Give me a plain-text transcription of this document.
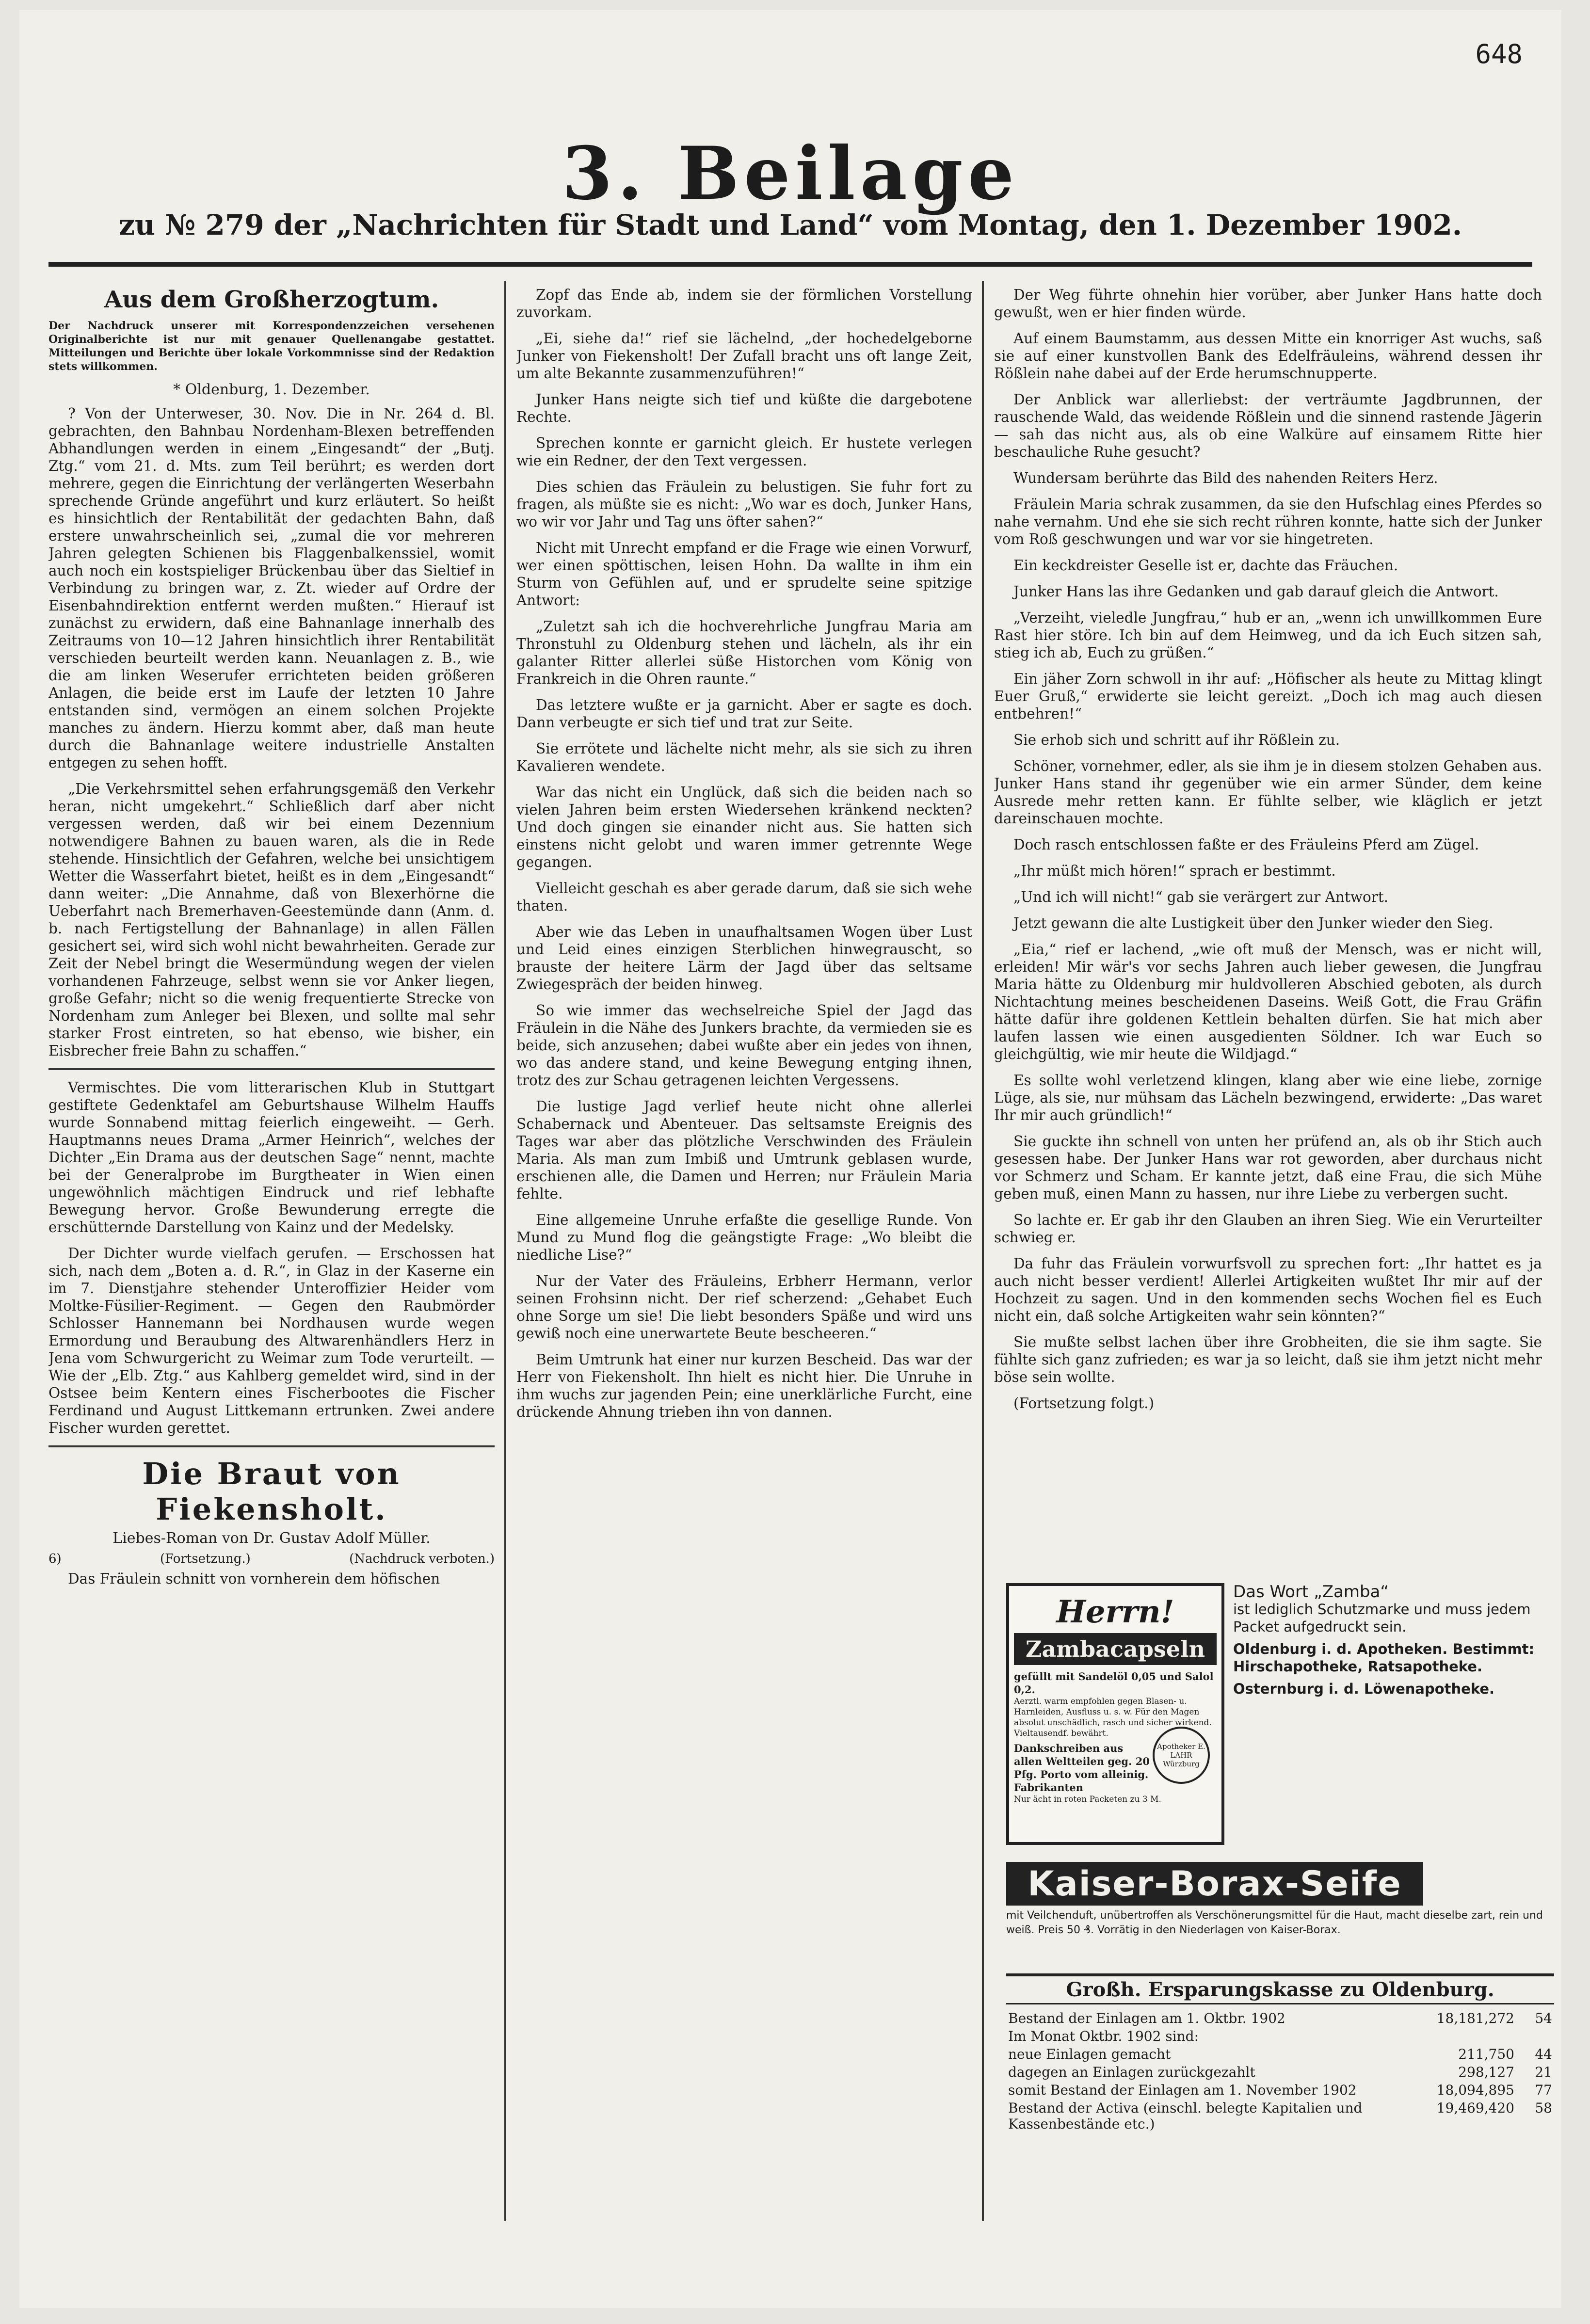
648
3. Beilage
zu № 279 der „Nachrichten für Stadt und Land“ vom Montag, den 1. Dezember 1902.
Aus dem Großherzogtum.
Der Nachdruck unserer mit Korrespondenzzeichen versehenen Originalberichte ist nur mit genauer Quellenangabe gestattet. Mitteilungen und Berichte über lokale Vorkommnisse sind der Redaktion stets willkommen.
* Oldenburg, 1. Dezember.

? Von der Unterweser, 30. Nov. Die in Nr. 264 d. Bl. gebrachten, den Bahnbau Nordenham-Blexen betreffenden Abhandlungen werden in einem „Eingesandt“ der „Butj. Ztg.“ vom 21. d. Mts. zum Teil berührt; es werden dort mehrere, gegen die Einrichtung der verlängerten Weserbahn sprechende Gründe angeführt und kurz erläutert. So heißt es hinsichtlich der Rentabilität der gedachten Bahn, daß erstere unwahrscheinlich sei, „zumal die vor mehreren Jahren gelegten Schienen bis Flaggenbalkenssiel, womit auch noch ein kostspieliger Brückenbau über das Sieltief in Verbindung zu bringen war, z. Zt. wieder auf Ordre der Eisenbahndirektion entfernt werden mußten.“ Hierauf ist zunächst zu erwidern, daß eine Bahnanlage innerhalb des Zeitraums von 10—12 Jahren hinsichtlich ihrer Rentabilität verschieden beurteilt werden kann. Neuanlagen z. B., wie die am linken Weserufer errichteten beiden größeren Anlagen, die beide erst im Laufe der letzten 10 Jahre entstanden sind, vermögen an einem solchen Projekte manches zu ändern. Hierzu kommt aber, daß man heute durch die Bahnanlage weitere industrielle Anstalten entgegen zu sehen hofft.

„Die Verkehrsmittel sehen erfahrungsgemäß den Verkehr heran, nicht umgekehrt.“ Schließlich darf aber nicht vergessen werden, daß wir bei einem Dezennium notwendigere Bahnen zu bauen waren, als die in Rede stehende. Hinsichtlich der Gefahren, welche bei unsichtigem Wetter die Wasserfahrt bietet, heißt es in dem „Eingesandt“ dann weiter: „Die Annahme, daß von Blexerhörne die Ueberfahrt nach Bremerhaven-Geestemünde dann (Anm. d. b. nach Fertigstellung der Bahnanlage) in allen Fällen gesichert sei, wird sich wohl nicht bewahrheiten. Gerade zur Zeit der Nebel bringt die Wesermündung wegen der vielen vorhandenen Fahrzeuge, selbst wenn sie vor Anker liegen, große Gefahr; nicht so die wenig frequentierte Strecke von Nordenham zum Anleger bei Blexen, und sollte mal sehr starker Frost eintreten, so hat ebenso, wie bisher, ein Eisbrecher freie Bahn zu schaffen.“

Vermischtes. Die vom litterarischen Klub in Stuttgart gestiftete Gedenktafel am Geburtshause Wilhelm Hauffs wurde Sonnabend mittag feierlich eingeweiht. — Gerh. Hauptmanns neues Drama „Armer Heinrich“, welches der Dichter „Ein Drama aus der deutschen Sage“ nennt, machte bei der Generalprobe im Burgtheater in Wien einen ungewöhnlich mächtigen Eindruck und rief lebhafte Bewegung hervor. Große Bewunderung erregte die erschütternde Darstellung von Kainz und der Medelsky.

Der Dichter wurde vielfach gerufen. — Erschossen hat sich, nach dem „Boten a. d. R.“, in Glaz in der Kaserne ein im 7. Dienstjahre stehender Unteroffizier Heider vom Moltke-Füsilier-Regiment. — Gegen den Raubmörder Schlosser Hannemann bei Nordhausen wurde wegen Ermordung und Beraubung des Altwarenhändlers Herz in Jena vom Schwurgericht zu Weimar zum Tode verurteilt. — Wie der „Elb. Ztg.“ aus Kahlberg gemeldet wird, sind in der Ostsee beim Kentern eines Fischerbootes die Fischer Ferdinand und August Littkemann ertrunken. Zwei andere Fischer wurden gerettet.

Die Braut von Fiekensholt.
Liebes-Roman von Dr. Gustav Adolf Müller.
6)	(Fortsetzung.)	(Nachdruck verboten.)

Das Fräulein schnitt von vornherein dem höfischen

Zopf das Ende ab, indem sie der förmlichen Vorstellung zuvorkam.

„Ei, siehe da!“ rief sie lächelnd, „der hochedelgeborne Junker von Fiekensholt! Der Zufall bracht uns oft lange Zeit, um alte Bekannte zusammenzuführen!“

Junker Hans neigte sich tief und küßte die dargebotene Rechte.

Sprechen konnte er garnicht gleich. Er hustete verlegen wie ein Redner, der den Text vergessen.

Dies schien das Fräulein zu belustigen. Sie fuhr fort zu fragen, als müßte sie es nicht: „Wo war es doch, Junker Hans, wo wir vor Jahr und Tag uns öfter sahen?“

Nicht mit Unrecht empfand er die Frage wie einen Vorwurf, wer einen spöttischen, leisen Hohn. Da wallte in ihm ein Sturm von Gefühlen auf, und er sprudelte seine spitzige Antwort:

„Zuletzt sah ich die hochverehrliche Jungfrau Maria am Thronstuhl zu Oldenburg stehen und lächeln, als ihr ein galanter Ritter allerlei süße Historchen vom König von Frankreich in die Ohren raunte.“

Das letztere wußte er ja garnicht. Aber er sagte es doch. Dann verbeugte er sich tief und trat zur Seite.

Sie errötete und lächelte nicht mehr, als sie sich zu ihren Kavalieren wendete.

War das nicht ein Unglück, daß sich die beiden nach so vielen Jahren beim ersten Wiedersehen kränkend neckten? Und doch gingen sie einander nicht aus. Sie hatten sich einstens nicht gelobt und waren immer getrennte Wege gegangen.

Vielleicht geschah es aber gerade darum, daß sie sich wehe thaten.

Aber wie das Leben in unaufhaltsamen Wogen über Lust und Leid eines einzigen Sterblichen hinwegrauscht, so brauste der heitere Lärm der Jagd über das seltsame Zwiegespräch der beiden hinweg.

So wie immer das wechselreiche Spiel der Jagd das Fräulein in die Nähe des Junkers brachte, da vermieden sie es beide, sich anzusehen; dabei wußte aber ein jedes von ihnen, wo das andere stand, und keine Bewegung entging ihnen, trotz des zur Schau getragenen leichten Vergessens.

Die lustige Jagd verlief heute nicht ohne allerlei Schabernack und Abenteuer. Das seltsamste Ereignis des Tages war aber das plötzliche Verschwinden des Fräulein Maria. Als man zum Imbiß und Umtrunk geblasen wurde, erschienen alle, die Damen und Herren; nur Fräulein Maria fehlte.

Eine allgemeine Unruhe erfaßte die gesellige Runde. Von Mund zu Mund flog die geängstigte Frage: „Wo bleibt die niedliche Lise?“

Nur der Vater des Fräuleins, Erbherr Hermann, verlor seinen Frohsinn nicht. Der rief scherzend: „Gehabet Euch ohne Sorge um sie! Die liebt besonders Späße und wird uns gewiß noch eine unerwartete Beute bescheeren.“

Beim Umtrunk hat einer nur kurzen Bescheid. Das war der Herr von Fiekensholt. Ihn hielt es nicht hier. Die Unruhe in ihm wuchs zur jagenden Pein; eine unerklärliche Furcht, eine drückende Ahnung trieben ihn von dannen.

Der Weg führte ohnehin hier vorüber, aber Junker Hans hatte doch gewußt, wen er hier finden würde.

Auf einem Baumstamm, aus dessen Mitte ein knorriger Ast wuchs, saß sie auf einer kunstvollen Bank des Edelfräuleins, während dessen ihr Rößlein nahe dabei auf der Erde herumschnupperte.

Der Anblick war allerliebst: der verträumte Jagdbrunnen, der rauschende Wald, das weidende Rößlein und die sinnend rastende Jägerin — sah das nicht aus, als ob eine Walküre auf einsamem Ritte hier beschauliche Ruhe gesucht?

Wundersam berührte das Bild des nahenden Reiters Herz.

Fräulein Maria schrak zusammen, da sie den Hufschlag eines Pferdes so nahe vernahm. Und ehe sie sich recht rühren konnte, hatte sich der Junker vom Roß geschwungen und war vor sie hingetreten.

Ein keckdreister Geselle ist er, dachte das Fräuchen.

Junker Hans las ihre Gedanken und gab darauf gleich die Antwort.

„Verzeiht, vieledle Jungfrau,“ hub er an, „wenn ich unwillkommen Eure Rast hier störe. Ich bin auf dem Heimweg, und da ich Euch sitzen sah, stieg ich ab, Euch zu grüßen.“

Ein jäher Zorn schwoll in ihr auf: „Höfischer als heute zu Mittag klingt Euer Gruß,“ erwiderte sie leicht gereizt. „Doch ich mag auch diesen entbehren!“

Sie erhob sich und schritt auf ihr Rößlein zu.

Schöner, vornehmer, edler, als sie ihm je in diesem stolzen Gehaben aus. Junker Hans stand ihr gegenüber wie ein armer Sünder, dem keine Ausrede mehr retten kann. Er fühlte selber, wie kläglich er jetzt dareinschauen mochte.

Doch rasch entschlossen faßte er des Fräuleins Pferd am Zügel.

„Ihr müßt mich hören!“ sprach er bestimmt.

„Und ich will nicht!“ gab sie verärgert zur Antwort.

Jetzt gewann die alte Lustigkeit über den Junker wieder den Sieg.

„Eia,“ rief er lachend, „wie oft muß der Mensch, was er nicht will, erleiden! Mir wär's vor sechs Jahren auch lieber gewesen, die Jungfrau Maria hätte zu Oldenburg mir huldvolleren Abschied geboten, als durch Nichtachtung meines bescheidenen Daseins. Weiß Gott, die Frau Gräfin hätte dafür ihre goldenen Kettlein behalten dürfen. Sie hat mich aber laufen lassen wie einen ausgedienten Söldner. Ich war Euch so gleichgültig, wie mir heute die Wildjagd.“

Es sollte wohl verletzend klingen, klang aber wie eine liebe, zornige Lüge, als sie, nur mühsam das Lächeln bezwingend, erwiderte: „Das waret Ihr mir auch gründlich!“

Sie guckte ihn schnell von unten her prüfend an, als ob ihr Stich auch gesessen habe. Der Junker Hans war rot geworden, aber durchaus nicht vor Schmerz und Scham. Er kannte jetzt, daß eine Frau, die sich Mühe geben muß, einen Mann zu hassen, nur ihre Liebe zu verbergen sucht.

So lachte er. Er gab ihr den Glauben an ihren Sieg. Wie ein Verurteilter schwieg er.

Da fuhr das Fräulein vorwurfsvoll zu sprechen fort: „Ihr hattet es ja auch nicht besser verdient! Allerlei Artigkeiten wußtet Ihr mir auf der Hochzeit zu sagen. Und in den kommenden sechs Wochen fiel es Euch nicht ein, daß solche Artigkeiten wahr sein könnten?“

Sie mußte selbst lachen über ihre Grobheiten, die sie ihm sagte. Sie fühlte sich ganz zufrieden; es war ja so leicht, daß sie ihm jetzt nicht mehr böse sein wollte.

(Fortsetzung folgt.)

Herrn!
Zambacapseln
gefüllt mit Sandelöl 0,05 und Salol 0,2.
Aerztl. warm empfohlen gegen Blasen- u. Harnleiden, Ausfluss u. s. w. Für den Magen absolut unschädlich, rasch und sicher wirkend. Vieltausendf. bewährt.
Dankschreiben aus allen Weltteilen geg. 20 Pfg. Porto vom alleinig. Fabrikanten
Nur ächt in roten Packeten zu 3 M.
Apotheker E. LAHR Würzburg
Das Wort „Zamba“
ist lediglich Schutzmarke und muss jedem Packet aufgedruckt sein.
Oldenburg i. d. Apotheken. Bestimmt: Hirschapotheke, Ratsapotheke.
Osternburg i. d. Löwenapotheke.
Kaiser-Borax-Seife
mit Veilchenduft, unübertroffen als Verschönerungsmittel für die Haut, macht dieselbe zart, rein und weiß. Preis 50 ₰. Vorrätig in den Niederlagen von Kaiser-Borax.
Großh. Ersparungskasse zu Oldenburg.
Bestand der Einlagen am 1. Oktbr. 1902	18,181,272	54
Im Monat Oktbr. 1902 sind:		
neue Einlagen gemacht	211,750	44
dagegen an Einlagen zurückgezahlt	298,127	21
somit Bestand der Einlagen am 1. November 1902	18,094,895	77
Bestand der Activa (einschl. belegte Kapitalien und Kassenbestände etc.)	19,469,420	58
